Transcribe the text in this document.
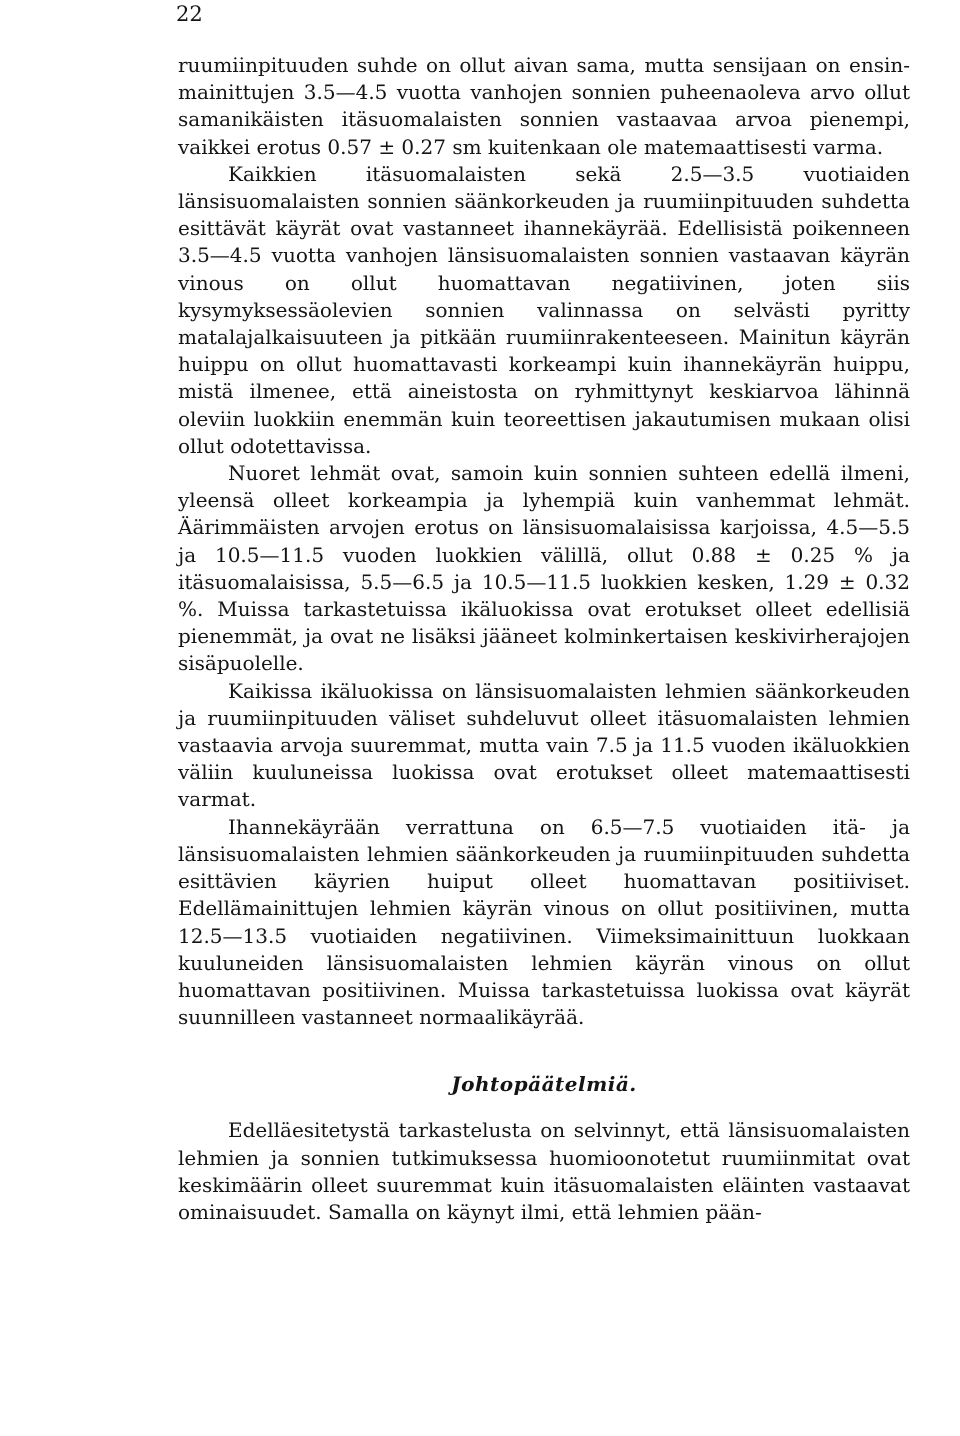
22

ruumiinpituuden suhde on ollut aivan sama, mutta sensijaan on ensin-mainittujen 3.5—4.5 vuotta vanhojen sonnien puheenaoleva arvo ollut samanikäisten itäsuomalaisten sonnien vastaavaa arvoa pienempi, vaikkei erotus 0.57 ± 0.27 sm kuitenkaan ole matemaattisesti varma.

Kaikkien itäsuomalaisten sekä 2.5—3.5 vuotiaiden länsisuomalaisten sonnien säänkorkeuden ja ruumiinpituuden suhdetta esittävät käyrät ovat vastanneet ihannekäyrää. Edellisistä poikenneen 3.5—4.5 vuotta vanhojen länsisuomalaisten sonnien vastaavan käyrän vinous on ollut huomattavan negatiivinen, joten siis kysymyksessäolevien sonnien valinnassa on selvästi pyritty matalajalkaisuuteen ja pitkään ruumiinrakenteeseen. Mainitun käyrän huippu on ollut huomattavasti korkeampi kuin ihannekäyrän huippu, mistä ilmenee, että aineistosta on ryhmittynyt keskiarvoa lähinnä oleviin luokkiin enemmän kuin teoreettisen jakautumisen mukaan olisi ollut odotettavissa.

Nuoret lehmät ovat, samoin kuin sonnien suhteen edellä ilmeni, yleensä olleet korkeampia ja lyhempiä kuin vanhemmat lehmät. Äärimmäisten arvojen erotus on länsisuomalaisissa karjoissa, 4.5—5.5 ja 10.5—11.5 vuoden luokkien välillä, ollut 0.88 ± 0.25 % ja itäsuomalaisissa, 5.5—6.5 ja 10.5—11.5 luokkien kesken, 1.29 ± 0.32 %. Muissa tarkastetuissa ikäluokissa ovat erotukset olleet edellisiä pienemmät, ja ovat ne lisäksi jääneet kolminkertaisen keskivirherajojen sisäpuolelle.

Kaikissa ikäluokissa on länsisuomalaisten lehmien säänkorkeuden ja ruumiinpituuden väliset suhdeluvut olleet itäsuomalaisten lehmien vastaavia arvoja suuremmat, mutta vain 7.5 ja 11.5 vuoden ikäluokkien väliin kuuluneissa luokissa ovat erotukset olleet matemaattisesti varmat.

Ihannekäyrään verrattuna on 6.5—7.5 vuotiaiden itä- ja länsisuomalaisten lehmien säänkorkeuden ja ruumiinpituuden suhdetta esittävien käyrien huiput olleet huomattavan positiiviset. Edellämainittujen lehmien käyrän vinous on ollut positiivinen, mutta 12.5—13.5 vuotiaiden negatiivinen. Viimeksimainittuun luokkaan kuuluneiden länsisuomalaisten lehmien käyrän vinous on ollut huomattavan positiivinen. Muissa tarkastetuissa luokissa ovat käyrät suunnilleen vastanneet normaalikäyrää.

Johtopäätelmiä.

Edelläesitetystä tarkastelusta on selvinnyt, että länsisuomalaisten lehmien ja sonnien tutkimuksessa huomioonotetut ruumiinmitat ovat keskimäärin olleet suuremmat kuin itäsuomalaisten eläinten vastaavat ominaisuudet. Samalla on käynyt ilmi, että lehmien pään-
